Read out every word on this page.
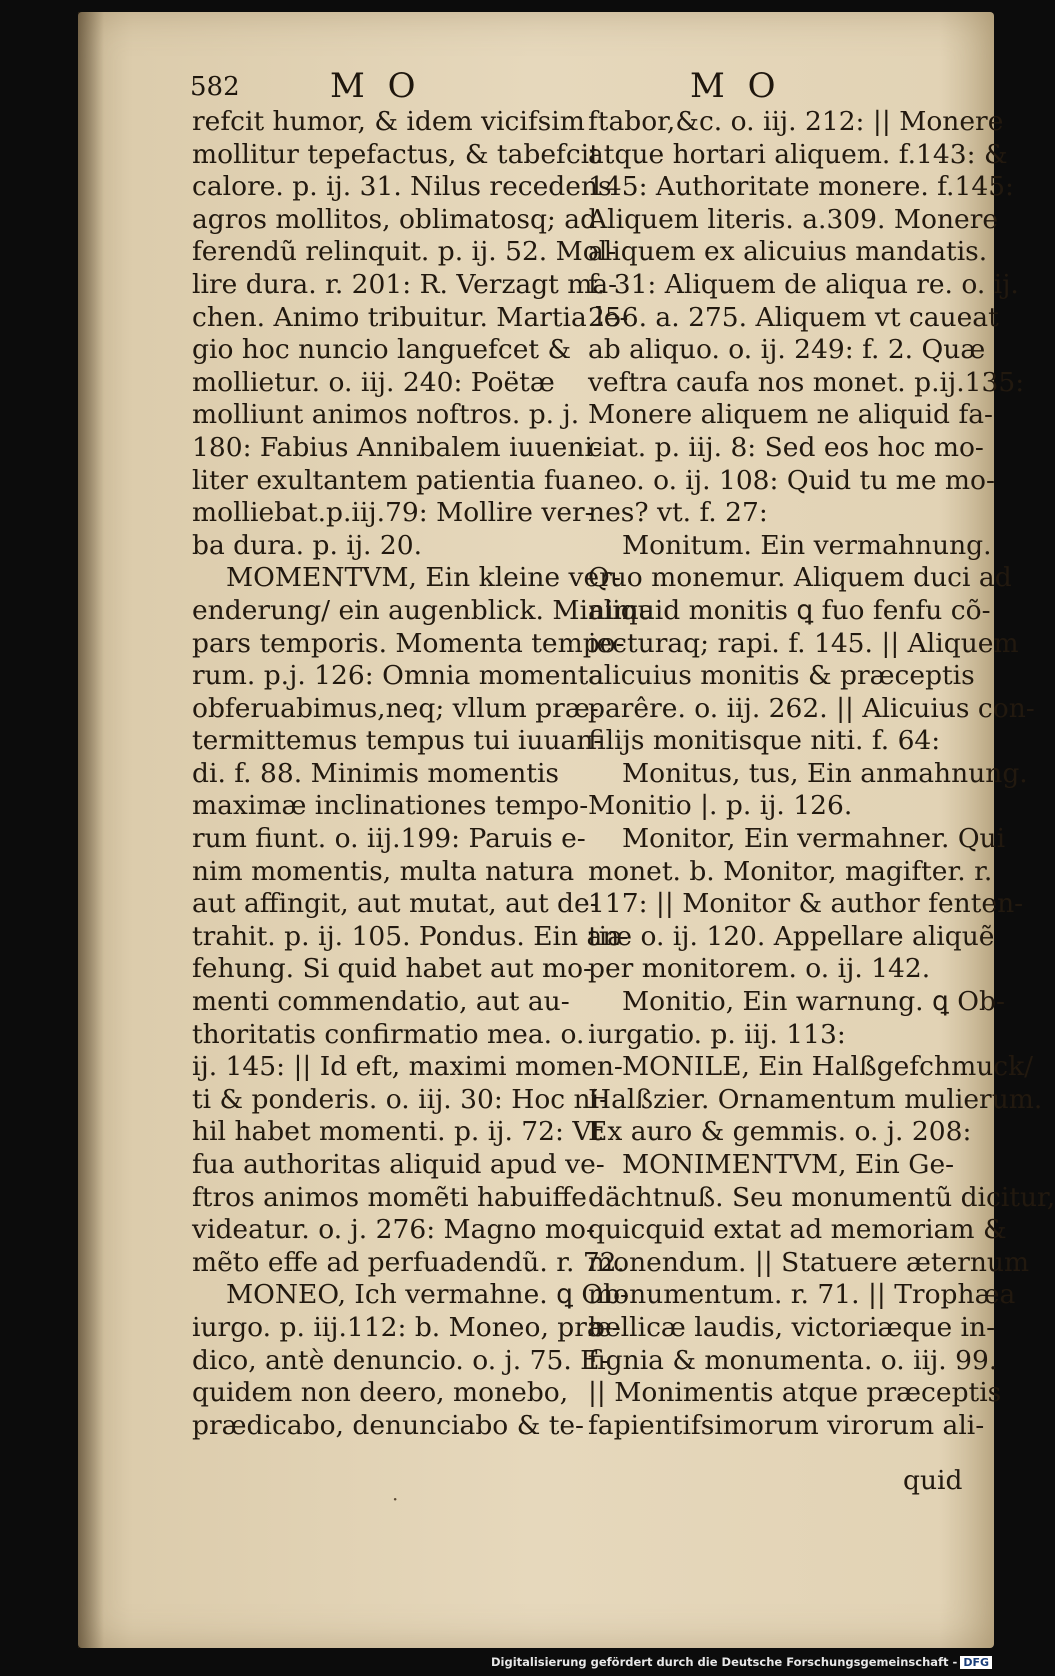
582	M O	M O
refcit humor, & idem vicifsim
mollitur tepefactus, & tabefcit
calore. p. ij. 31. Nilus recedens
agros mollitos, oblimatosq; ad
ferendũ relinquit. p. ij. 52. Mol-
lire dura. r. 201: R. Verzagt ma-
chen. Animo tribuitur. Martia le-
gio hoc nuncio languefcet &
mollietur. o. iij. 240: Poëtæ
molliunt animos noftros. p. j.
180: Fabius Annibalem iuueni-
liter exultantem patientia fua
molliebat.p.iij.79: Mollire ver-
ba dura. p. ij. 20.
MOMENTVM, Ein kleine ver-
enderung/ ein augenblick. Minima
pars temporis. Momenta tempo-
rum. p.j. 126: Omnia momenta
obferuabimus,neq; vllum præ-
termittemus tempus tui iuuan-
di. f. 88. Minimis momentis
maximæ inclinationes tempo-
rum fiunt. o. iij.199: Paruis e-
nim momentis, multa natura
aut affingit, aut mutat, aut de-
trahit. p. ij. 105. Pondus. Ein an-
fehung. Si quid habet aut mo-
menti commendatio, aut au-
thoritatis confirmatio mea. o.
ij. 145: || Id eft, maximi momen-
ti & ponderis. o. iij. 30: Hoc ni-
hil habet momenti. p. ij. 72: Vt
fua authoritas aliquid apud ve-
ftros animos momẽti habuiffe
videatur. o. j. 276: Magno mo-
mẽto effe ad perfuadendũ. r. 72.
MONEO, Ich vermahne. ꝗ Ob-
iurgo. p. iij.112: b. Moneo, præ-
dico, antè denuncio. o. j. 75. E-
quidem non deero, monebo,
prædicabo, denunciabo & te-
ftabor,&c. o. iij. 212: || Monere
atque hortari aliquem. f.143: &
145: Authoritate monere. f.145:
Aliquem literis. a.309. Monere
aliquem ex alicuius mandatis.
f. 31: Aliquem de aliqua re. o. ij.
256. a. 275. Aliquem vt caueat
ab aliquo. o. ij. 249: f. 2. Quæ
veftra caufa nos monet. p.ij.135:
Monere aliquem ne aliquid fa-
ciat. p. iij. 8: Sed eos hoc mo-
neo. o. ij. 108: Quid tu me mo-
nes? vt. f. 27:
Monitum. Ein vermahnung.
Quo monemur. Aliquem duci ad
aliquid monitis ꝗ fuo fenfu cõ-
iecturaq; rapi. f. 145. || Aliquem
alicuius monitis & præceptis
parêre. o. iij. 262. || Alicuius con-
filijs monitisque niti. f. 64:
Monitus, tus, Ein anmahnung.
Monitio |. p. ij. 126.
Monitor, Ein vermahner. Qui
monet. b. Monitor, magifter. r.
117: || Monitor & author fenten-
tiæ o. ij. 120. Appellare aliquẽ
per monitorem. o. ij. 142.
Monitio, Ein warnung. ꝗ Ob-
iurgatio. p. iij. 113:
MONILE, Ein Halßgefchmuck/
Halßzier. Ornamentum mulierum.
Ex auro & gemmis. o. j. 208:
MONIMENTVM, Ein Ge-
dächtnuß. Seu monumentũ dicitur,
quicquid extat ad memoriam &
monendum. || Statuere æternum
monumentum. r. 71. || Trophæa
bellicæ laudis, victoriæque in-
fignia & monumenta. o. iij. 99.
|| Monimentis atque præceptis
fapientifsimorum virorum ali-
·
quid
Digitalisierung gefördert durch die Deutsche Forschungsgemeinschaft - DFG
